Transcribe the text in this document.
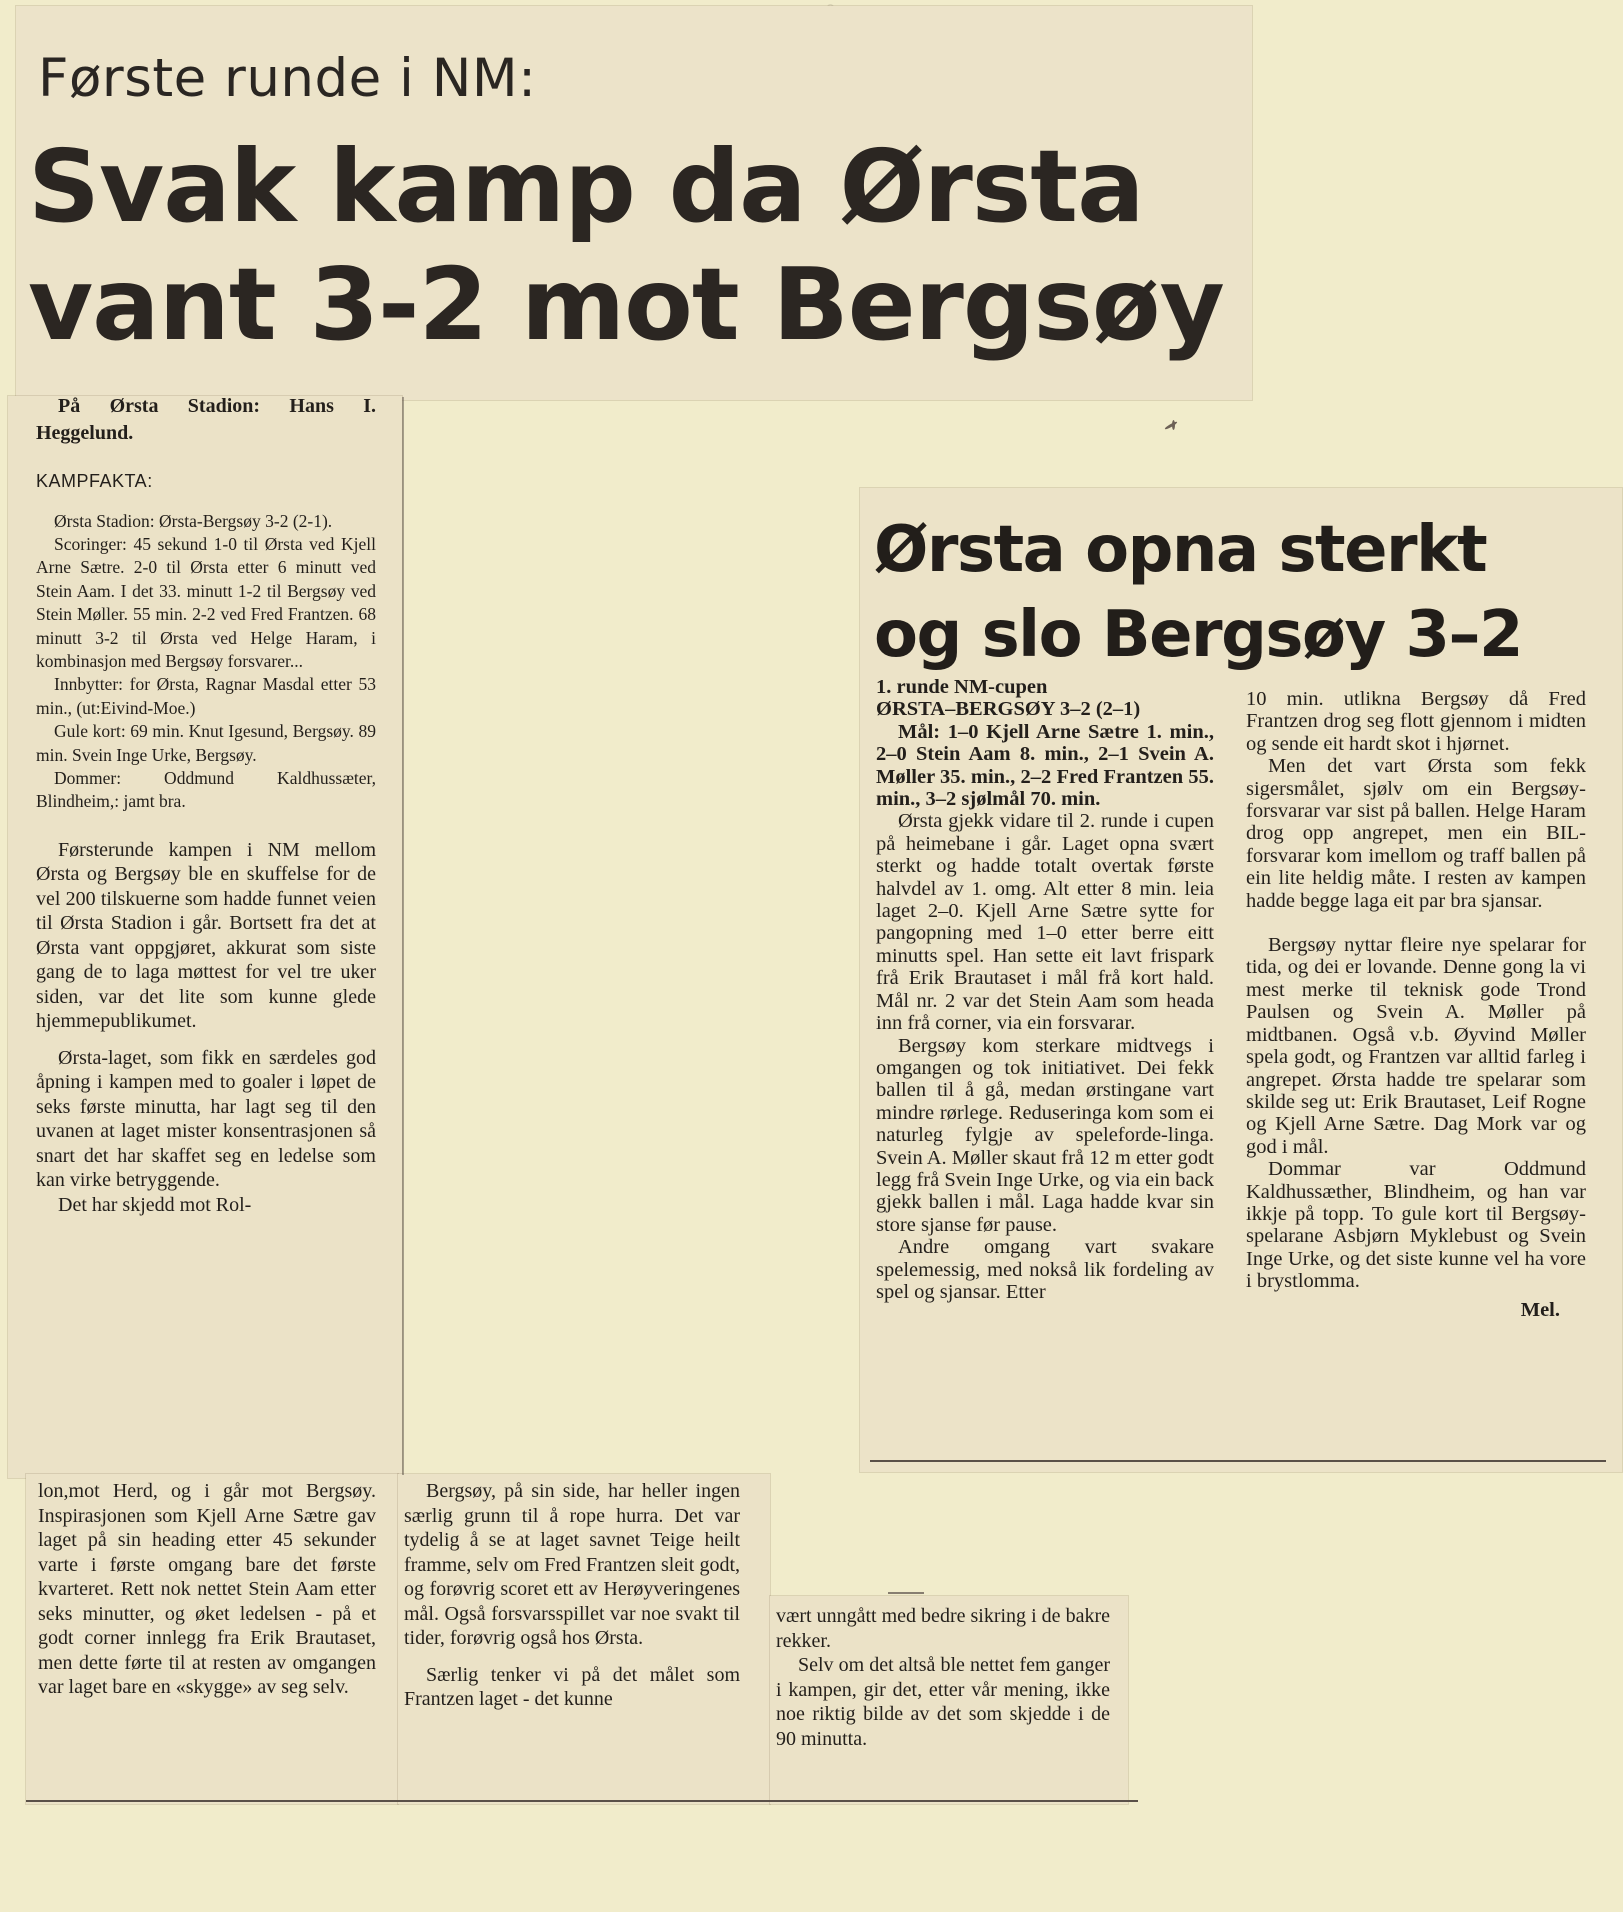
Første runde i NM:
Svak kamp da Ørsta
vant 3-2 mot Bergsøy

På Ørsta Stadion: Hans I. Heggelund.

KAMPFAKTA:

Ørsta Stadion: Ørsta-Bergsøy 3-2 (2-1).

Scoringer: 45 sekund 1-0 til Ørsta ved Kjell Arne Sætre. 2-0 til Ørsta etter 6 minutt ved Stein Aam. I det 33. minutt 1-2 til Bergsøy ved Stein Møller. 55 min. 2-2 ved Fred Frantzen. 68 minutt 3-2 til Ørsta ved Helge Haram, i kombinasjon med Bergsøy forsvarer...

Innbytter: for Ørsta, Ragnar Masdal etter 53 min., (ut:Eivind-Moe.)

Gule kort: 69 min. Knut Igesund, Bergsøy. 89 min. Svein Inge Urke, Bergsøy.

Dommer: Oddmund Kaldhussæter, Blindheim,: jamt bra.

Førsterunde kampen i NM mellom Ørsta og Bergsøy ble en skuffelse for de vel 200 tilskuerne som hadde funnet veien til Ørsta Stadion i går. Bortsett fra det at Ørsta vant oppgjøret, akkurat som siste gang de to laga møttest for vel tre uker siden, var det lite som kunne glede hjemmepublikumet.

Ørsta-laget, som fikk en særdeles god åpning i kampen med to goaler i løpet de seks første minutta, har lagt seg til den uvanen at laget mister konsentrasjonen så snart det har skaffet seg en ledelse som kan virke betryggende.

Det har skjedd mot Rol-

lon,mot Herd, og i går mot Bergsøy. Inspirasjonen som Kjell Arne Sætre gav laget på sin heading etter 45 sekunder varte i første omgang bare det første kvarteret. Rett nok nettet Stein Aam etter seks minutter, og øket ledelsen - på et godt corner innlegg fra Erik Brautaset, men dette førte til at resten av omgangen var laget bare en «skygge» av seg selv.

Bergsøy, på sin side, har heller ingen særlig grunn til å rope hurra. Det var tydelig å se at laget savnet Teige heilt framme, selv om Fred Frantzen sleit godt, og forøvrig scoret ett av Herøyveringenes mål. Også forsvarsspillet var noe svakt til tider, forøvrig også hos Ørsta.

Særlig tenker vi på det målet som Frantzen laget - det kunne

vært unngått med bedre sikring i de bakre rekker.

Selv om det altså ble nettet fem ganger i kampen, gir det, etter vår mening, ikke noe riktig bilde av det som skjedde i de 90 minutta.

Ørsta opna sterkt
og slo Bergsøy 3–2

1. runde NM-cupen

ØRSTA–BERGSØY 3–2 (2–1)

Mål: 1–0 Kjell Arne Sætre 1. min., 2–0 Stein Aam 8. min., 2–1 Svein A. Møller 35. min., 2–2 Fred Frantzen 55. min., 3–2 sjølmål 70. min.

Ørsta gjekk vidare til 2. runde i cupen på heimebane i går. Laget opna svært sterkt og hadde totalt overtak første halvdel av 1. omg. Alt etter 8 min. leia laget 2–0. Kjell Arne Sætre sytte for pangopning med 1–0 etter berre eitt minutts spel. Han sette eit lavt frispark frå Erik Brautaset i mål frå kort hald. Mål nr. 2 var det Stein Aam som heada inn frå corner, via ein forsvarar.

Bergsøy kom sterkare midtvegs i omgangen og tok initiativet. Dei fekk ballen til å gå, medan ørstingane vart mindre rørlege. Reduseringa kom som ei naturleg fylgje av speleforde-linga. Svein A. Møller skaut frå 12 m etter godt legg frå Svein Inge Urke, og via ein back gjekk ballen i mål. Laga hadde kvar sin store sjanse før pause.

Andre omgang vart svakare spelemessig, med nokså lik fordeling av spel og sjansar. Etter

10 min. utlikna Bergsøy då Fred Frantzen drog seg flott gjennom i midten og sende eit hardt skot i hjørnet.

Men det vart Ørsta som fekk sigersmålet, sjølv om ein Bergsøy-forsvarar var sist på ballen. Helge Haram drog opp angrepet, men ein BIL-forsvarar kom imellom og traff ballen på ein lite heldig måte. I resten av kampen hadde begge laga eit par bra sjansar.

Bergsøy nyttar fleire nye spelarar for tida, og dei er lovande. Denne gong la vi mest merke til teknisk gode Trond Paulsen og Svein A. Møller på midtbanen. Også v.b. Øyvind Møller spela godt, og Frantzen var alltid farleg i angrepet. Ørsta hadde tre spelarar som skilde seg ut: Erik Brautaset, Leif Rogne og Kjell Arne Sætre. Dag Mork var og god i mål.

Dommar var Oddmund Kaldhussæther, Blindheim, og han var ikkje på topp. To gule kort til Bergsøy-spelarane Asbjørn Myklebust og Svein Inge Urke, og det siste kunne vel ha vore i brystlomma.

Mel.
